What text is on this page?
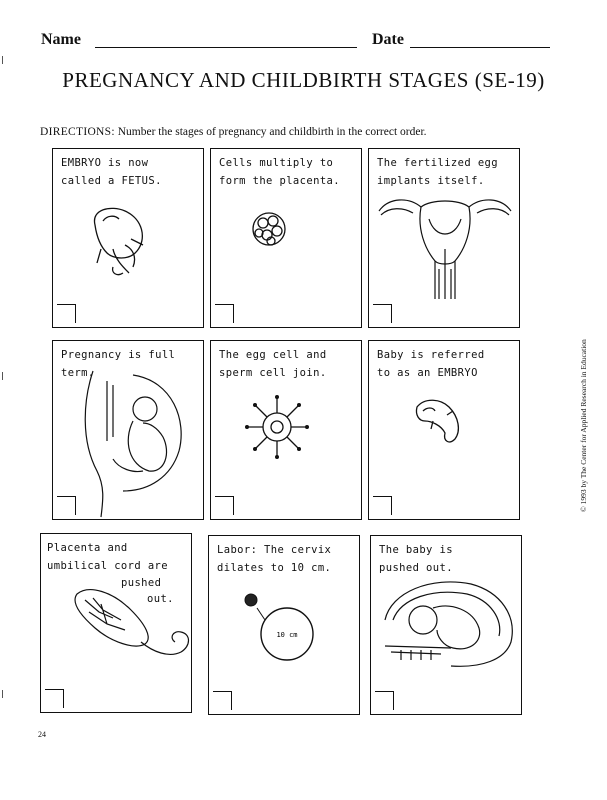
Name	Date
PREGNANCY AND CHILDBIRTH STAGES (SE-19)
DIRECTIONS: Number the stages of pregnancy and childbirth in the correct order.
EMBRYO is now
called a FETUS.
Cells multiply to
form the placenta.
The fertilized egg
implants itself.
Pregnancy is full
term.
The egg cell and
sperm cell join.
Baby is referred
to as an EMBRYO
Placenta and
umbilical cord are
pushed
out.
Labor: The cervix
dilates to 10 cm.
10 cm
The baby is
pushed out.
© 1993 by The Center for Applied Research in Education
24
